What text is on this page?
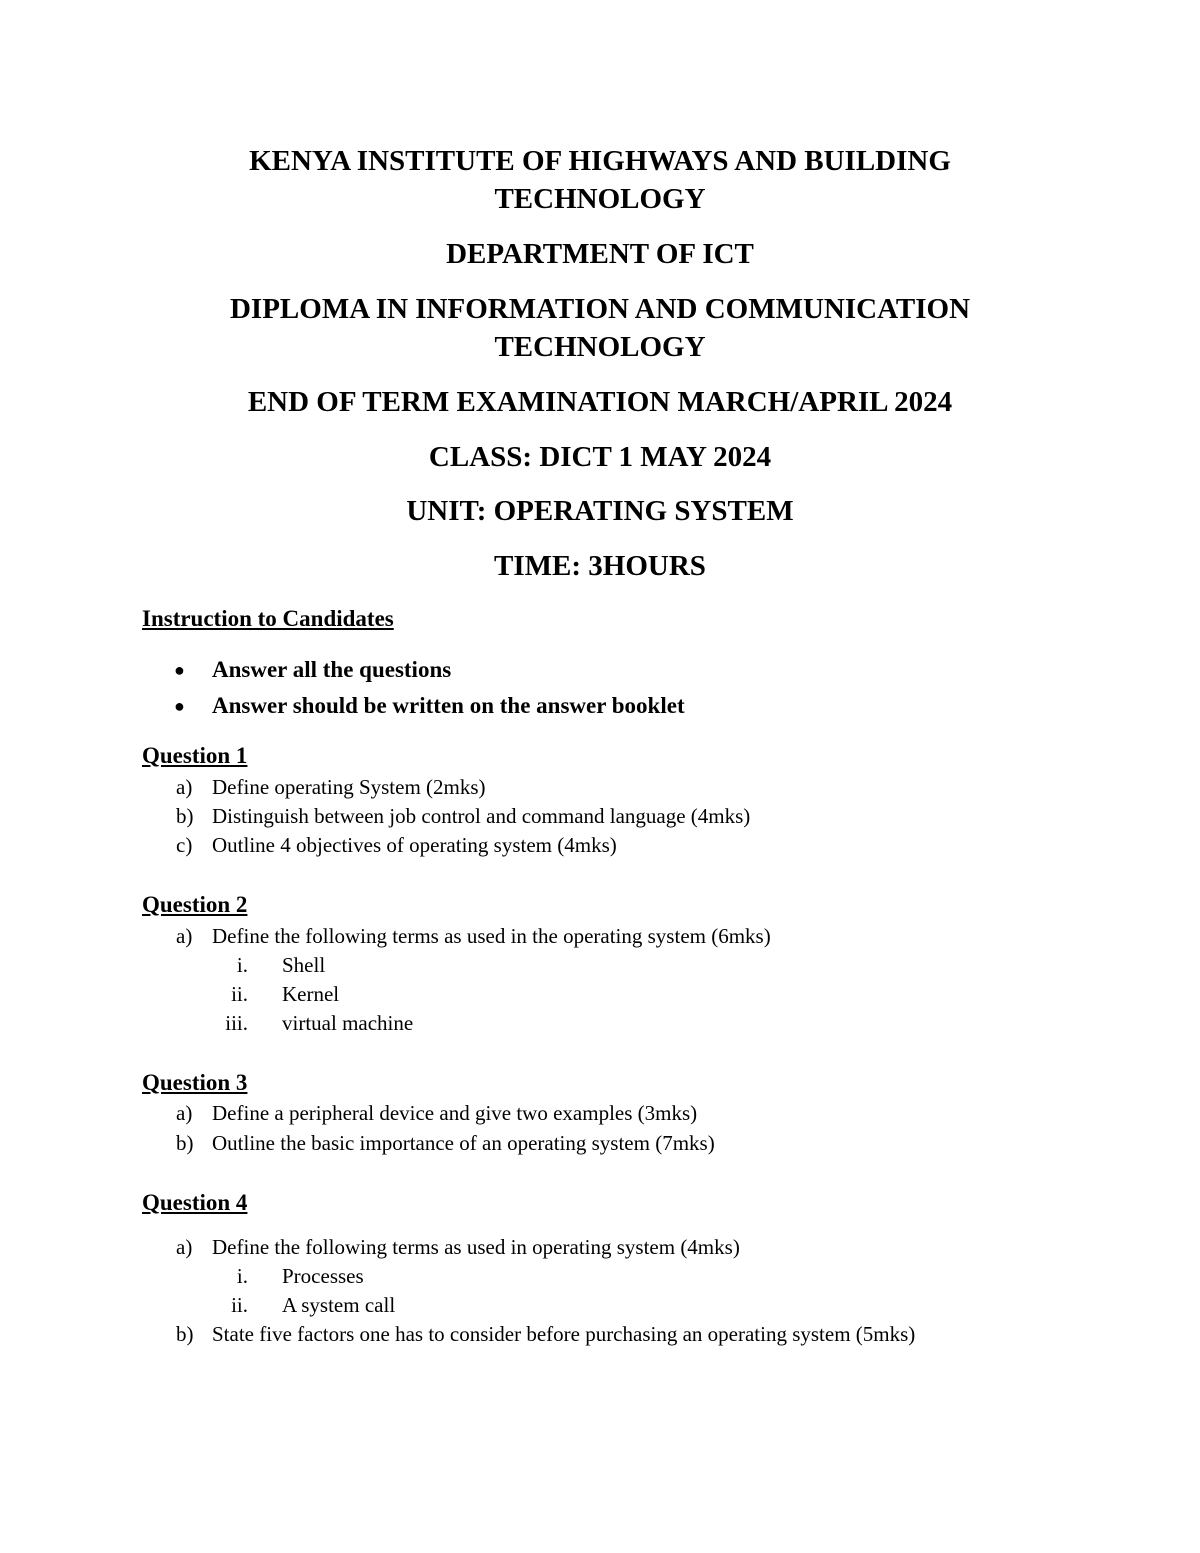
KENYA INSTITUTE OF HIGHWAYS AND BUILDING TECHNOLOGY

DEPARTMENT OF ICT

DIPLOMA IN INFORMATION AND COMMUNICATION TECHNOLOGY

END OF TERM EXAMINATION MARCH/APRIL 2024

CLASS: DICT 1 MAY 2024

UNIT: OPERATING SYSTEM

TIME: 3HOURS

Instruction to Candidates

● Answer all the questions
● Answer should be written on the answer booklet

Question 1

a) Define operating System (2mks)
b) Distinguish between job control and command language (4mks)
c) Outline 4 objectives of operating system (4mks)

Question 2

a) Define the following terms as used in the operating system (6mks)
i. Shell
ii. Kernel
iii. virtual machine

Question 3

a) Define a peripheral device and give two examples (3mks)
b) Outline the basic importance of an operating system (7mks)

Question 4

a) Define the following terms as used in operating system (4mks)
i. Processes
ii. A system call
b) State five factors one has to consider before purchasing an operating system (5mks)
